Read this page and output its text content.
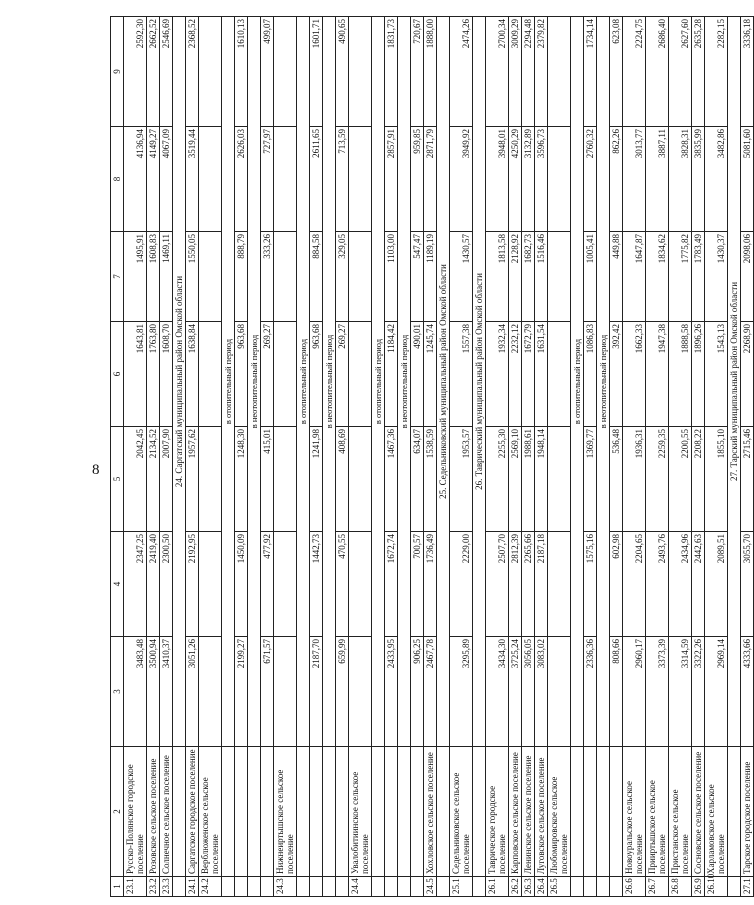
8
1	2	3	4	5	6	7	8	9
23.1	Русско-Полянское городское поселение	3483,48	2347,25	2042,45	1643,81	1495,91	4136,94	2592,30
23.2	Розовское сельское поселение	3500,94	2419,40	2134,52	1763,80	1608,83	4149,27	2662,52
23.3	Солнечное сельское поселение	3410,37	2300,50	2007,90	1608,70	1469,11	4067,09	2546,69
		24. Саргатский муниципальный район Омской области						
24.1	Саргатское городское поселение	3051,26	2192,95	1957,62	1638,84	1550,05	3519,44	2368,52
24.2	Верблюженское сельское поселение							
		в отопительный период						
		2199,27	1450,09	1248,30	963,68	888,79	2626,03	1610,13
		в неотопительный период						
		671,57	477,92	415,01	269,27	333,26	727,97	499,07
24.3	Нижнеиртышское сельское поселение							
		в отопительный период						
		2187,70	1442,73	1241,98	963,68	884,58	2611,65	1601,71
		в неотопительный период						
		659,99	470,55	408,69	269,27	329,05	713,59	490,65
24.4	Увалобитиинское сельское поселение							
		в отопительный период						
		2433,95	1672,74	1467,36	1184,42	1103,00	2857,91	1831,73
		в неотопительный период						
		906,25	700,57	634,07	490,01	547,47	959,85	720,67
24.5	Хохловское сельское поселение	2467,78	1736,49	1538,59	1245,74	1189,19	2871,79	1888,00
		25. Седельниковский муниципальный район Омской области						
25.1	Седельниковское сельское поселение	3295,89	2229,00	1953,57	1557,38	1430,57	3949,92	2474,26
		26. Таврический муниципальный район Омской области						
26.1	Таврическое городское поселение	3434,30	2507,70	2255,30	1932,34	1813,58	3948,01	2700,34
26.2	Карповское сельское поселение	3725,24	2812,39	2569,10	2232,12	2128,92	4250,29	3009,29
26.3	Ленинское сельское поселение	3056,05	2265,66	1988,61	1672,79	1682,73	3132,89	2294,48
26.4	Луговское сельское поселение	3083,02	2187,18	1948,14	1631,54	1516,46	3596,73	2379,82
26.5	Любомировское сельское поселение							
		в отопительный период						
		2336,36	1575,16	1369,77	1086,83	1005,41	2760,32	1734,14
		в неотопительный период						
		808,66	602,98	536,48	392,42	449,88	862,26	623,08
26.6	Новоуральское сельское поселение	2960,17	2204,65	1936,31	1662,33	1647,87	3013,77	2224,75
26.7	Прииртышское сельское поселение	3373,39	2493,76	2259,35	1947,38	1834,62	3887,11	2686,40
26.8	Пристанское сельское поселение	3314,59	2434,96	2200,55	1888,58	1775,82	3828,31	2627,60
26.9	Сосновское сельское поселение	3322,26	2442,63	2208,22	1896,26	1783,49	3835,99	2635,28
26.10	Харламовское сельское поселение	2969,14	2089,51	1855,10	1543,13	1430,37	3482,86	2282,15
		27. Тарский муниципальный район Омской области						
27.1	Тарское городское поселение	4333,66	3055,70	2715,46	2268,90	2098,06	5081,60	3336,18
